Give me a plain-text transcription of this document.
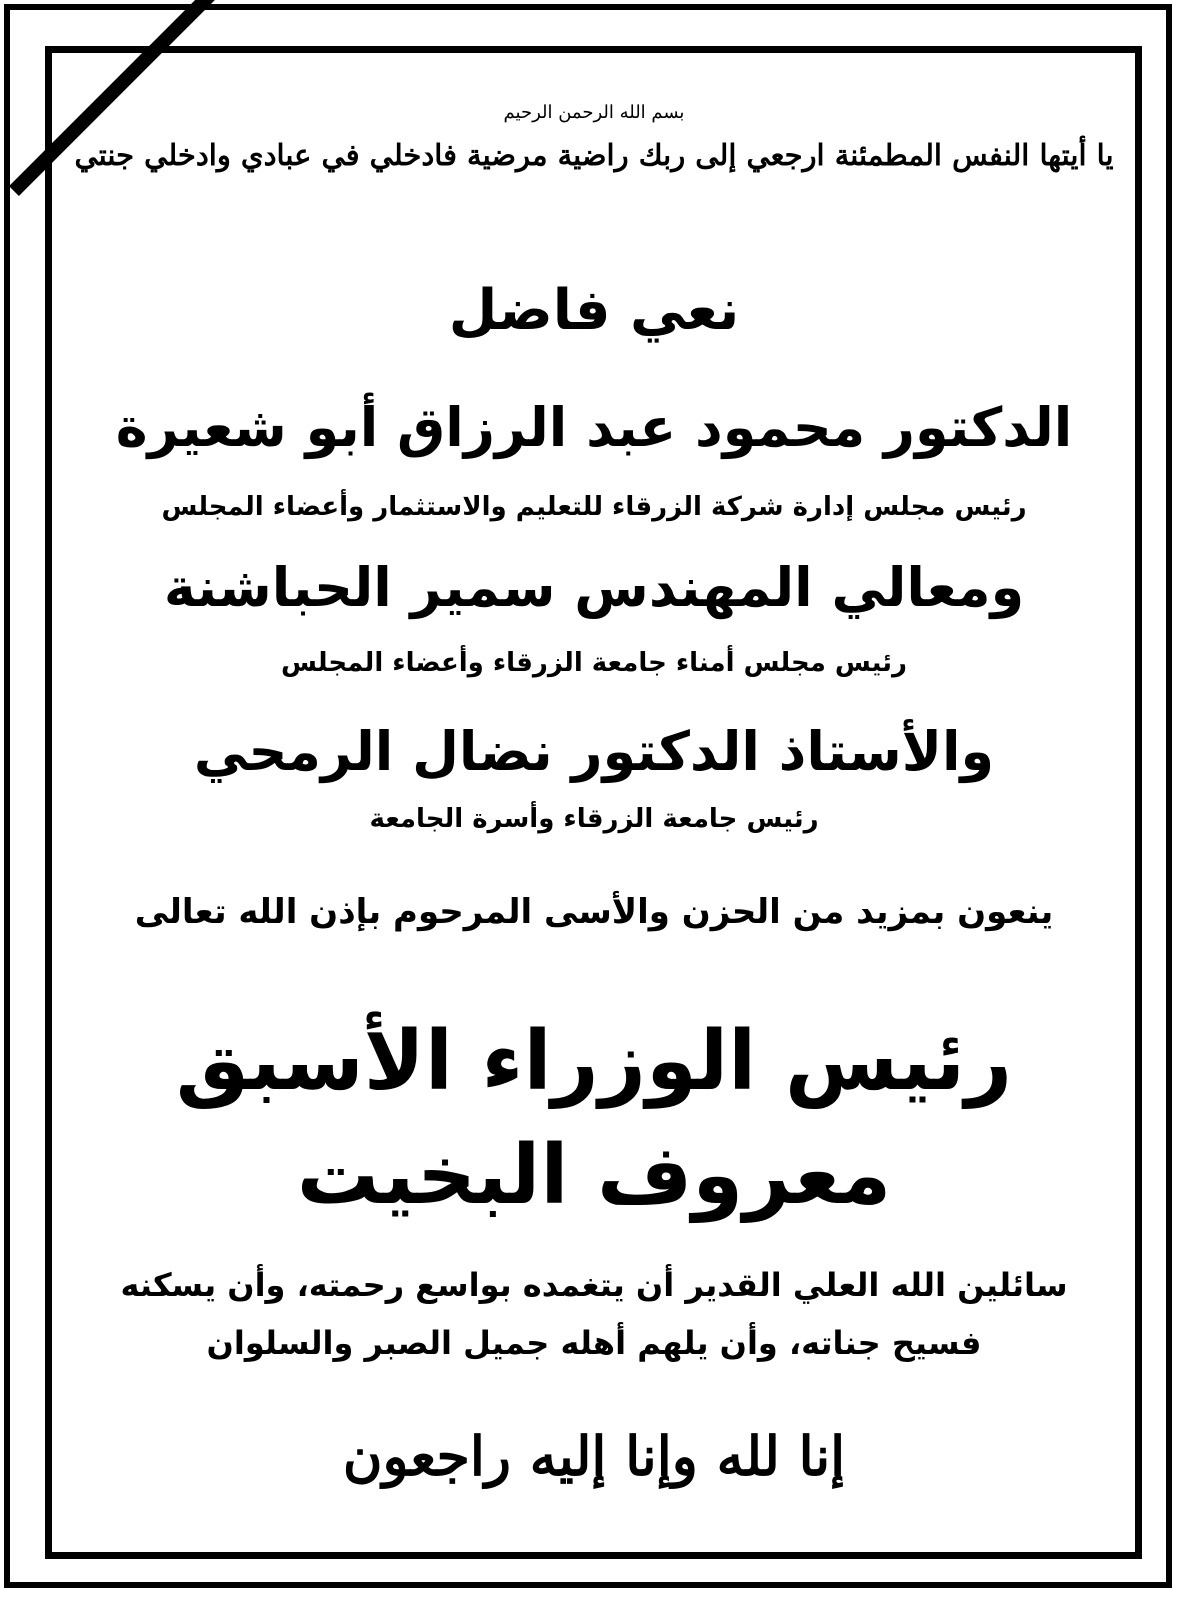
بسم الله الرحمن الرحيم
يا أيتها النفس المطمئنة ارجعي إلى ربك راضية مرضية فادخلي في عبادي وادخلي جنتي
نعي فاضل
الدكتور محمود عبد الرزاق أبو شعيرة
رئيس مجلس إدارة شركة الزرقاء للتعليم والاستثمار وأعضاء المجلس
ومعالي المهندس سمير الحباشنة
رئيس مجلس أمناء جامعة الزرقاء وأعضاء المجلس
والأستاذ الدكتور نضال الرمحي
رئيس جامعة الزرقاء وأسرة الجامعة
ينعون بمزيد من الحزن والأسى المرحوم بإذن الله تعالى
رئيس الوزراء الأسبق
معروف البخيت
سائلين الله العلي القدير أن يتغمده بواسع رحمته، وأن يسكنه
فسيح جناته، وأن يلهم أهله جميل الصبر والسلوان
إنا لله وإنا إليه راجعون
